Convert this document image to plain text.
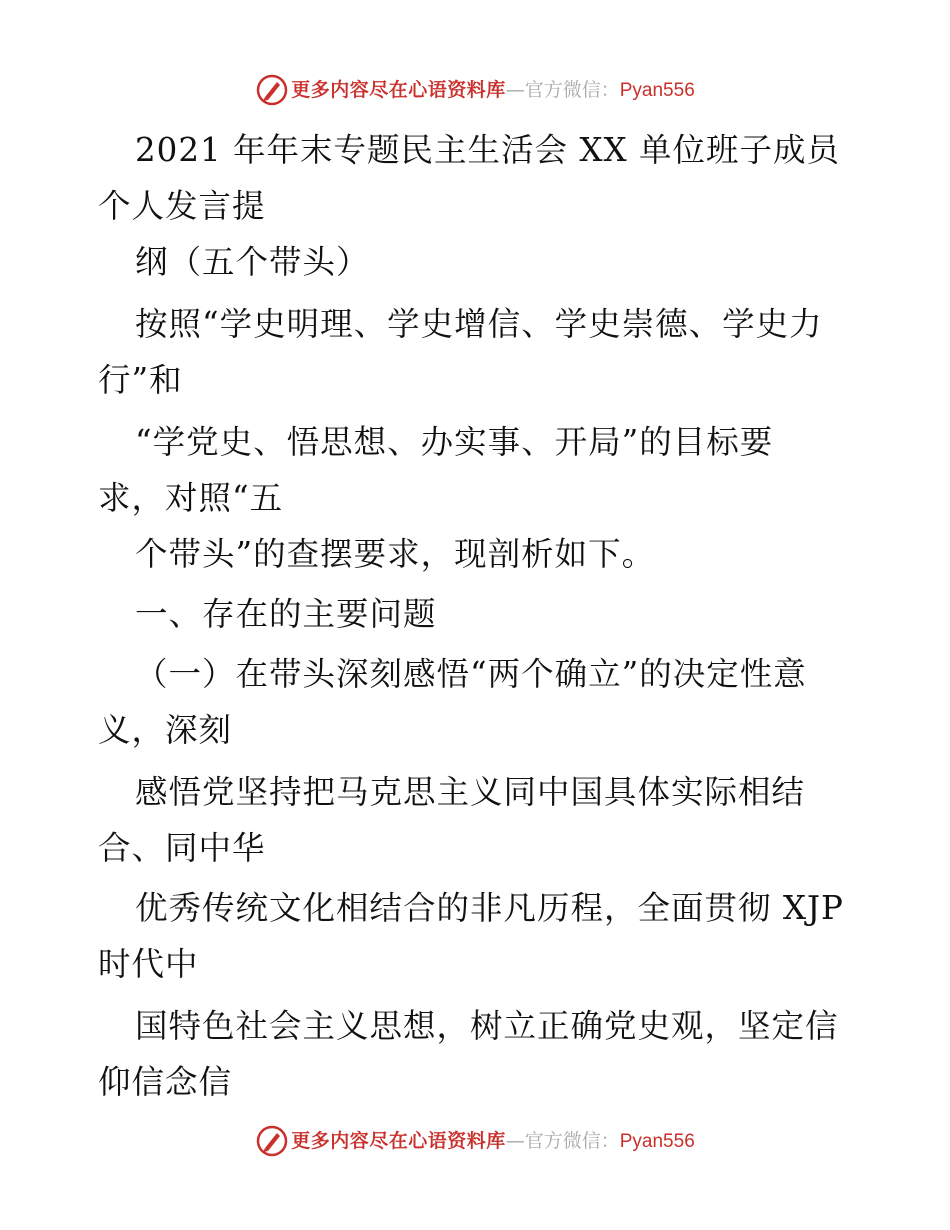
更多内容尽在心语资料库 — 官方微信： Pyan556
2021 年年末专题民主生活会 XX 单位班子成员
个人发言提
纲（五个带头）
按照“学史明理、学史增信、学史崇德、学史力
行”和
“学党史、悟思想、办实事、开局”的目标要
求，对照“五
个带头”的查摆要求，现剖析如下。
一、存在的主要问题
（一）在带头深刻感悟“两个确立”的决定性意
义，深刻
感悟党坚持把马克思主义同中国具体实际相结
合、同中华
优秀传统文化相结合的非凡历程，全面贯彻 XJP
时代中
国特色社会主义思想，树立正确党史观，坚定信
仰信念信
更多内容尽在心语资料库 — 官方微信： Pyan556
